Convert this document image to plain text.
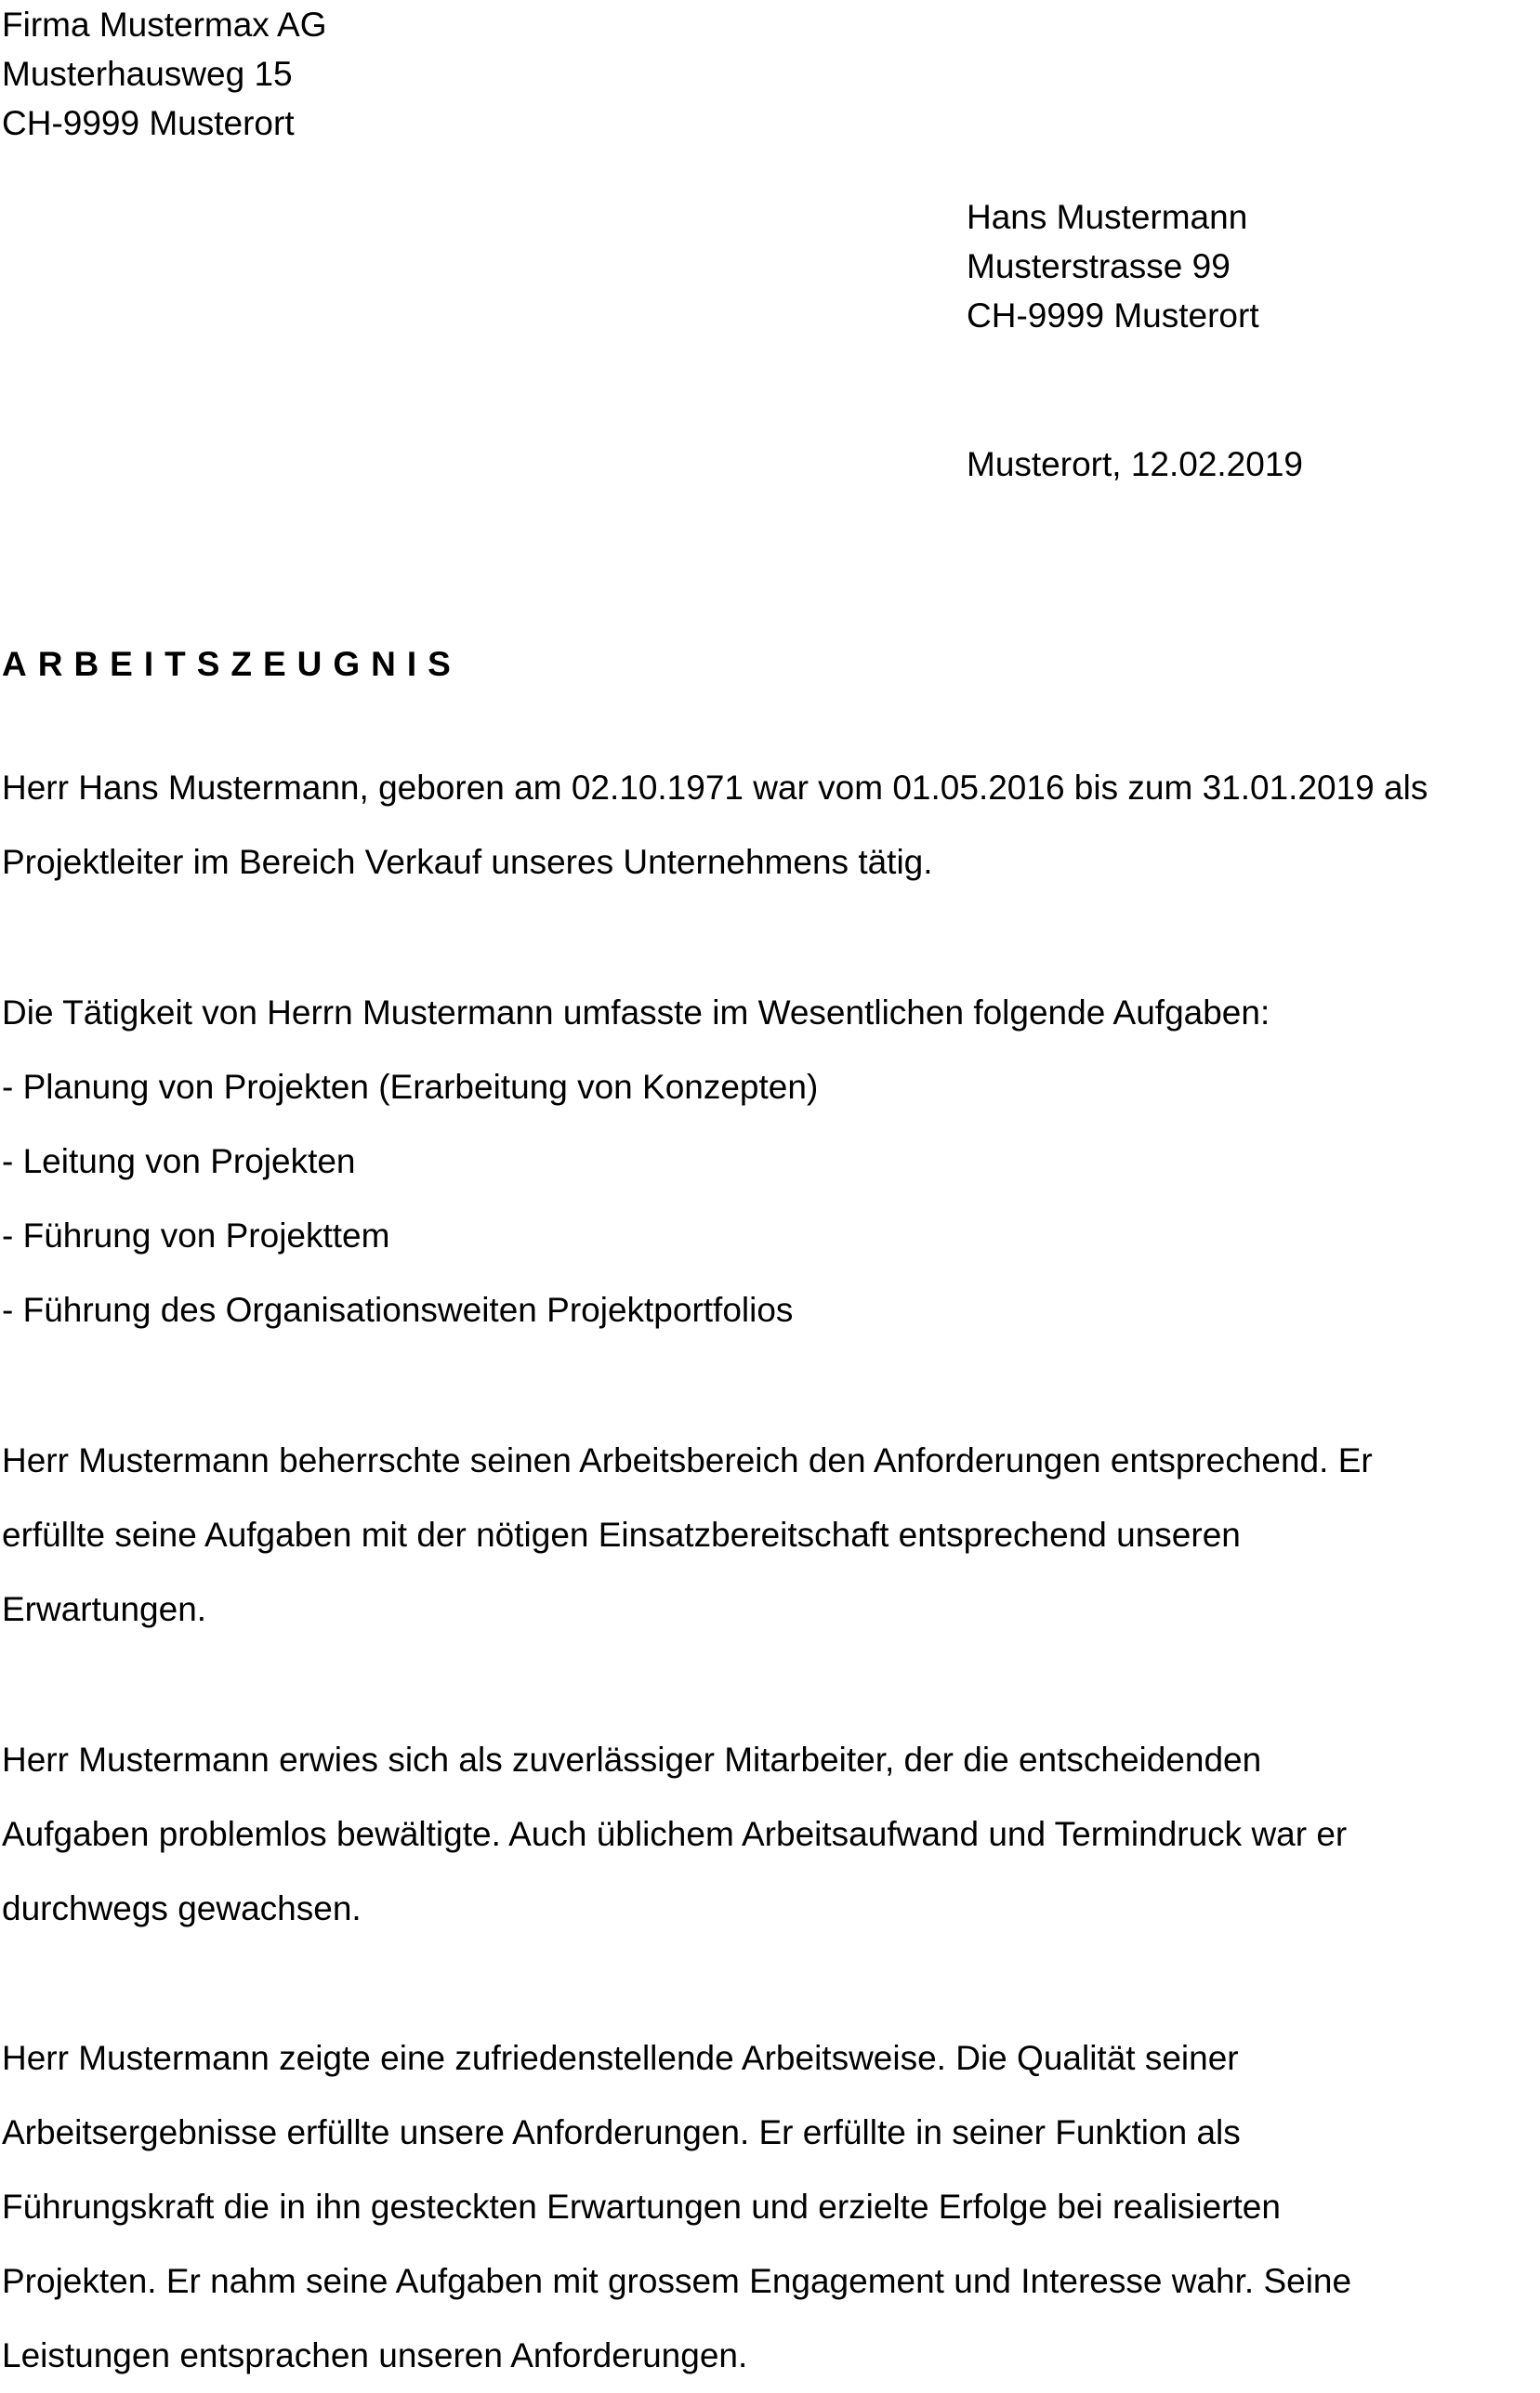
Firma Mustermax AG
Musterhausweg 15
CH-9999 Musterort
Hans Mustermann
Musterstrasse 99
CH-9999 Musterort
Musterort, 12.02.2019
ARBEITSZEUGNIS
Herr Hans Mustermann, geboren am 02.10.1971 war vom 01.05.2016 bis zum 31.01.2019 als
Projektleiter im Bereich Verkauf unseres Unternehmens tätig.
Die Tätigkeit von Herrn Mustermann umfasste im Wesentlichen folgende Aufgaben:
- Planung von Projekten (Erarbeitung von Konzepten)
- Leitung von Projekten
- Führung von Projekttem
- Führung des Organisationsweiten Projektportfolios
Herr Mustermann beherrschte seinen Arbeitsbereich den Anforderungen entsprechend. Er
erfüllte seine Aufgaben mit der nötigen Einsatzbereitschaft entsprechend unseren
Erwartungen.
Herr Mustermann erwies sich als zuverlässiger Mitarbeiter, der die entscheidenden
Aufgaben problemlos bewältigte. Auch üblichem Arbeitsaufwand und Termindruck war er
durchwegs gewachsen.
Herr Mustermann zeigte eine zufriedenstellende Arbeitsweise. Die Qualität seiner
Arbeitsergebnisse erfüllte unsere Anforderungen. Er erfüllte in seiner Funktion als
Führungskraft die in ihn gesteckten Erwartungen und erzielte Erfolge bei realisierten
Projekten. Er nahm seine Aufgaben mit grossem Engagement und Interesse wahr. Seine
Leistungen entsprachen unseren Anforderungen.
